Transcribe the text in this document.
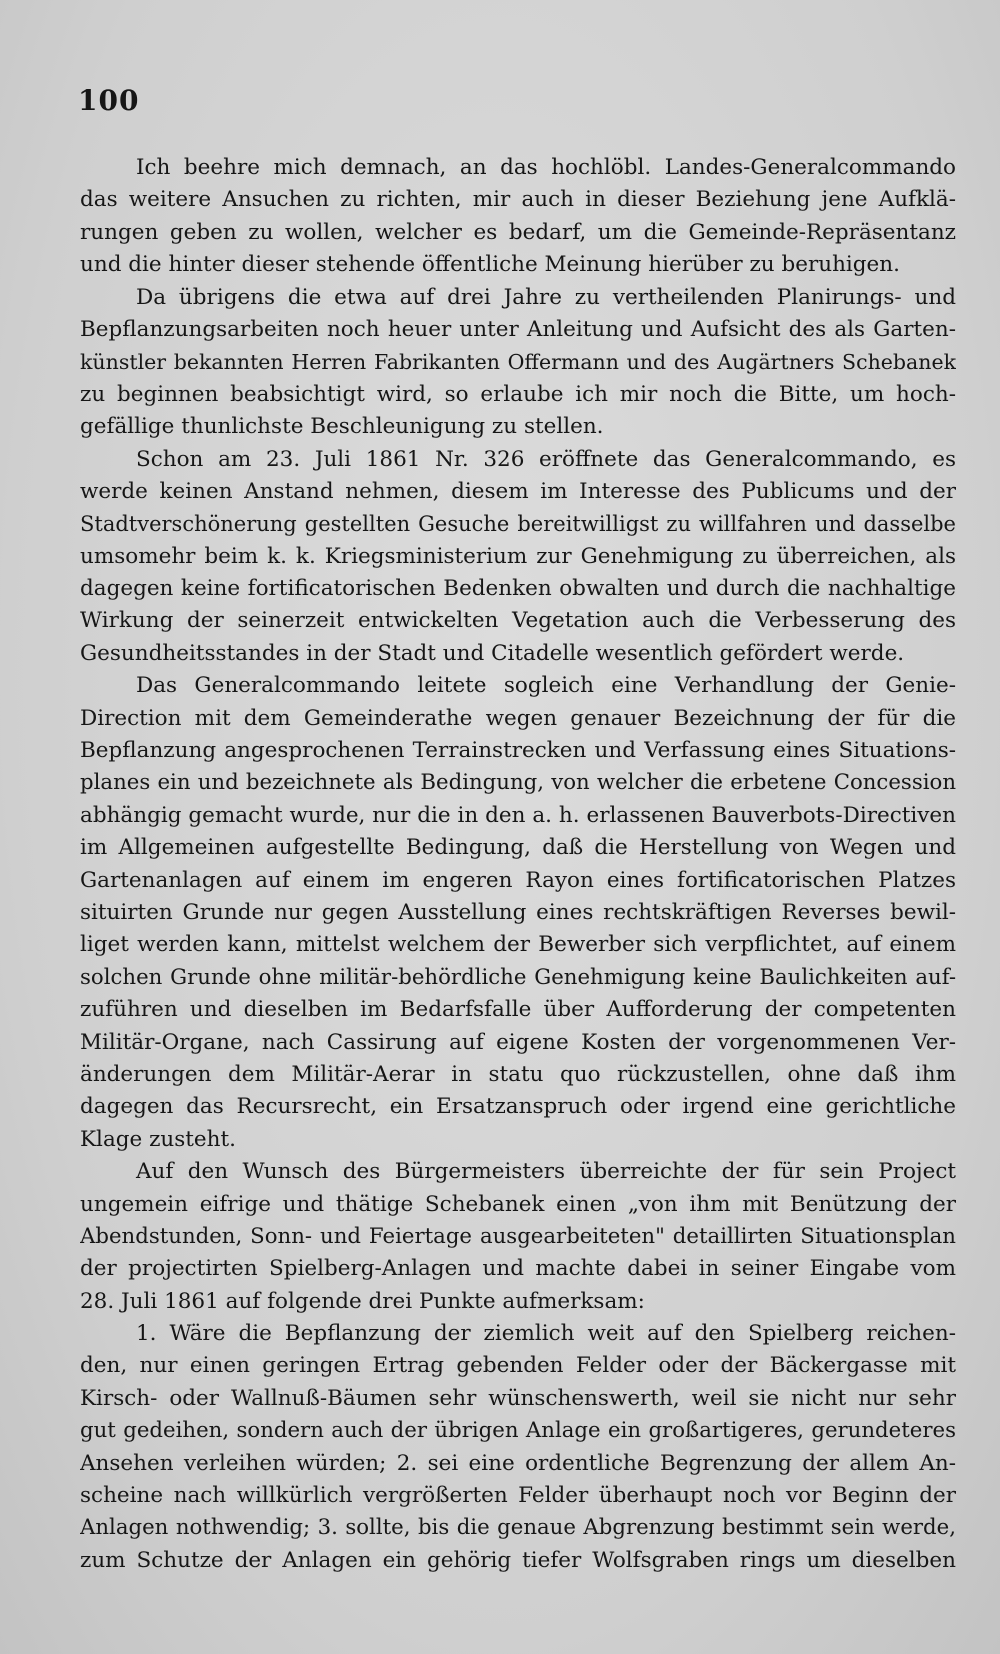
100
Ich beehre mich demnach, an das hochlöbl. Landes-Generalcommando
das weitere Ansuchen zu richten, mir auch in dieser Beziehung jene Aufklä-
rungen geben zu wollen, welcher es bedarf, um die Gemeinde-Repräsentanz
und die hinter dieser stehende öffentliche Meinung hierüber zu beruhigen.
Da übrigens die etwa auf drei Jahre zu vertheilenden Planirungs- und
Bepflanzungsarbeiten noch heuer unter Anleitung und Aufsicht des als Garten-
künstler bekannten Herren Fabrikanten Offermann und des Augärtners Schebanek
zu beginnen beabsichtigt wird, so erlaube ich mir noch die Bitte, um hoch-
gefällige thunlichste Beschleunigung zu stellen.
Schon am 23. Juli 1861 Nr. 326 eröffnete das Generalcommando, es
werde keinen Anstand nehmen, diesem im Interesse des Publicums und der
Stadtverschönerung gestellten Gesuche bereitwilligst zu willfahren und dasselbe
umsomehr beim k. k. Kriegsministerium zur Genehmigung zu überreichen, als
dagegen keine fortificatorischen Bedenken obwalten und durch die nachhaltige
Wirkung der seinerzeit entwickelten Vegetation auch die Verbesserung des
Gesundheitsstandes in der Stadt und Citadelle wesentlich gefördert werde.
Das Generalcommando leitete sogleich eine Verhandlung der Genie-
Direction mit dem Gemeinderathe wegen genauer Bezeichnung der für die
Bepflanzung angesprochenen Terrainstrecken und Verfassung eines Situations-
planes ein und bezeichnete als Bedingung, von welcher die erbetene Concession
abhängig gemacht wurde, nur die in den a. h. erlassenen Bauverbots-Directiven
im Allgemeinen aufgestellte Bedingung, daß die Herstellung von Wegen und
Gartenanlagen auf einem im engeren Rayon eines fortificatorischen Platzes
situirten Grunde nur gegen Ausstellung eines rechtskräftigen Reverses bewil-
liget werden kann, mittelst welchem der Bewerber sich verpflichtet, auf einem
solchen Grunde ohne militär-behördliche Genehmigung keine Baulichkeiten auf-
zuführen und dieselben im Bedarfsfalle über Aufforderung der competenten
Militär-Organe, nach Cassirung auf eigene Kosten der vorgenommenen Ver-
änderungen dem Militär-Aerar in statu quo rückzustellen, ohne daß ihm
dagegen das Recursrecht, ein Ersatzanspruch oder irgend eine gerichtliche
Klage zusteht.
Auf den Wunsch des Bürgermeisters überreichte der für sein Project
ungemein eifrige und thätige Schebanek einen „von ihm mit Benützung der
Abendstunden, Sonn- und Feiertage ausgearbeiteten" detaillirten Situationsplan
der projectirten Spielberg-Anlagen und machte dabei in seiner Eingabe vom
28. Juli 1861 auf folgende drei Punkte aufmerksam:
1. Wäre die Bepflanzung der ziemlich weit auf den Spielberg reichen-
den, nur einen geringen Ertrag gebenden Felder oder der Bäckergasse mit
Kirsch- oder Wallnuß-Bäumen sehr wünschenswerth, weil sie nicht nur sehr
gut gedeihen, sondern auch der übrigen Anlage ein großartigeres, gerundeteres
Ansehen verleihen würden; 2. sei eine ordentliche Begrenzung der allem An-
scheine nach willkürlich vergrößerten Felder überhaupt noch vor Beginn der
Anlagen nothwendig; 3. sollte, bis die genaue Abgrenzung bestimmt sein werde,
zum Schutze der Anlagen ein gehörig tiefer Wolfsgraben rings um dieselben
